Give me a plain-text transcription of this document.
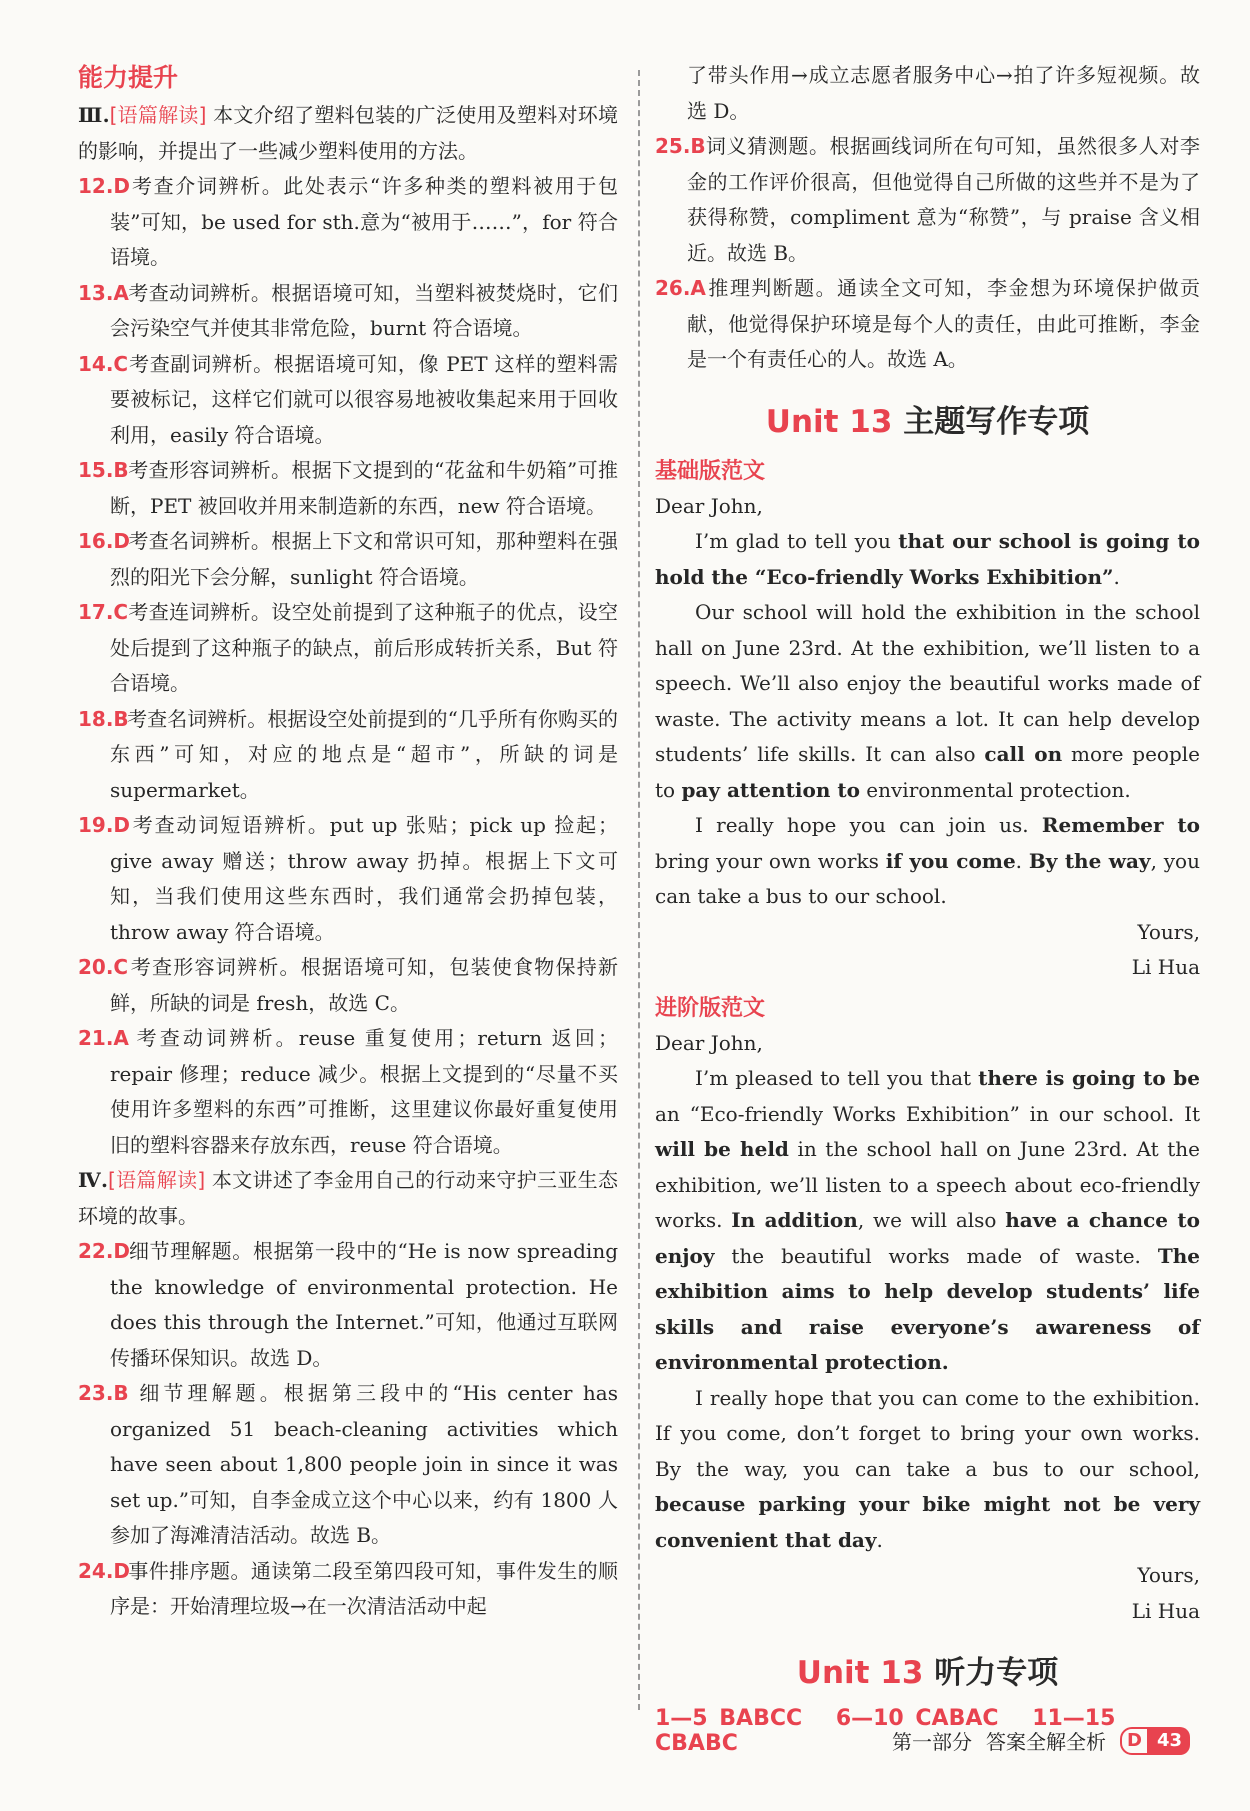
能力提升

Ⅲ.[语篇解读] 本文介绍了塑料包装的广泛使用及塑料对环境的影响，并提出了一些减少塑料使用的方法。

12.D   考查介词辨析。此处表示“许多种类的塑料被用于包装”可知，be used for sth.意为“被用于……”，for 符合语境。

13.A   考查动词辨析。根据语境可知，当塑料被焚烧时，它们会污染空气并使其非常危险，burnt 符合语境。

14.C   考查副词辨析。根据语境可知，像 PET 这样的塑料需要被标记，这样它们就可以很容易地被收集起来用于回收利用，easily 符合语境。

15.B   考查形容词辨析。根据下文提到的“花盆和牛奶箱”可推断，PET 被回收并用来制造新的东西，new 符合语境。

16.D   考查名词辨析。根据上下文和常识可知，那种塑料在强烈的阳光下会分解，sunlight 符合语境。

17.C   考查连词辨析。设空处前提到了这种瓶子的优点，设空处后提到了这种瓶子的缺点，前后形成转折关系，But 符合语境。

18.B   考查名词辨析。根据设空处前提到的“几乎所有你购买的东西”可知，对应的地点是“超市”，所缺的词是 supermarket。

19.D 考查动词短语辨析。put up 张贴；pick up 捡起；give away 赠送；throw away 扔掉。根据上下文可知，当我们使用这些东西时，我们通常会扔掉包装，throw away 符合语境。

20.C 考查形容词辨析。根据语境可知，包装使食物保持新鲜，所缺的词是 fresh，故选 C。

21.A 考查动词辨析。reuse 重复使用；return 返回；repair 修理；reduce 减少。根据上文提到的“尽量不买使用许多塑料的东西”可推断，这里建议你最好重复使用旧的塑料容器来存放东西，reuse 符合语境。

Ⅳ.[语篇解读] 本文讲述了李金用自己的行动来守护三亚生态环境的故事。

22.D   细节理解题。根据第一段中的“He is now spreading the knowledge of environmental protection. He does this through the Internet.”可知，他通过互联网传播环保知识。故选 D。

23.B 细节理解题。根据第三段中的“His center has organized 51 beach-cleaning activities which have seen about 1,800 people join in since it was set up.”可知，自李金成立这个中心以来，约有 1800 人参加了海滩清洁活动。故选 B。

24.D   事件排序题。通读第二段至第四段可知，事件发生的顺序是：开始清理垃圾→在一次清洁活动中起

了带头作用→成立志愿者服务中心→拍了许多短视频。故选 D。

25.B   词义猜测题。根据画线词所在句可知，虽然很多人对李金的工作评价很高，但他觉得自己所做的这些并不是为了获得称赞，compliment 意为“称赞”，与 praise 含义相近。故选 B。

26.A 推理判断题。通读全文可知，李金想为环境保护做贡献，他觉得保护环境是每个人的责任，由此可推断，李金是一个有责任心的人。故选 A。

Unit 13 主题写作专项
基础版范文

Dear John,

I’m glad to tell you that our school is going to hold the “Eco-friendly Works Exhibition”.

Our school will hold the exhibition in the school hall on June 23rd. At the exhibition, we’ll listen to a speech. We’ll also enjoy the beautiful works made of waste. The activity means a lot. It can help develop students’ life skills. It can also call on more people to pay attention to environmental protection.

I really hope you can join us. Remember to bring your own works if you come. By the way, you can take a bus to our school.

Yours,

Li Hua

进阶版范文

Dear John,

I’m pleased to tell you that there is going to be an “Eco-friendly Works Exhibition” in our school. It will be held in the school hall on June 23rd. At the exhibition, we’ll listen to a speech about eco-friendly works. In addition, we will also have a chance to enjoy the beautiful works made of waste. The exhibition aims to help develop students’ life skills and raise everyone’s awareness of environmental protection.

I really hope that you can come to the exhibition. If you come, don’t forget to bring your own works. By the way, you can take a bus to our school, because parking your bike might not be very convenient that day.

Yours,

Li Hua

Unit 13 听力专项
1—5 BABCC 6—10 CABAC 11—15 CBABC	第一部分 答案全解全析	D 43
